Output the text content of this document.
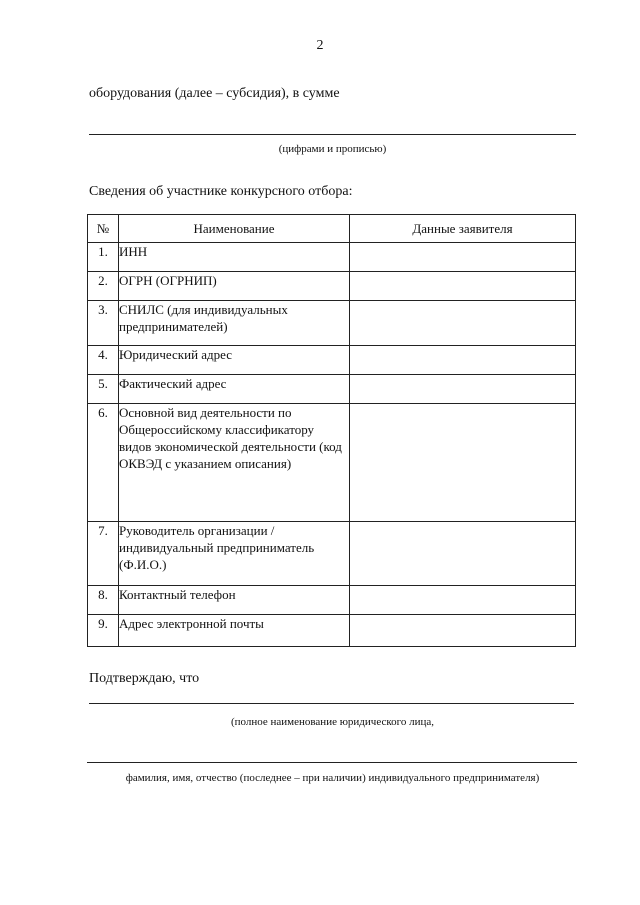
2
оборудования (далее – субсидия), в сумме
(цифрами и прописью)
Сведения об участнике конкурсного отбора:
№	Наименование	Данные заявителя
1.	ИНН	
2.	ОГРН (ОГРНИП)	
3.	СНИЛС (для индивидуальных предпринимателей)	
4.	Юридический адрес	
5.	Фактический адрес	
6.	Основной вид деятельности по Общероссийскому классификатору видов экономической деятельности (код ОКВЭД с указанием описания)	
7.	Руководитель организации / индивидуальный предприниматель (Ф.И.О.)	
8.	Контактный телефон	
9.	Адрес электронной почты	
Подтверждаю, что
(полное наименование юридического лица,
фамилия, имя, отчество (последнее – при наличии) индивидуального предпринимателя)
